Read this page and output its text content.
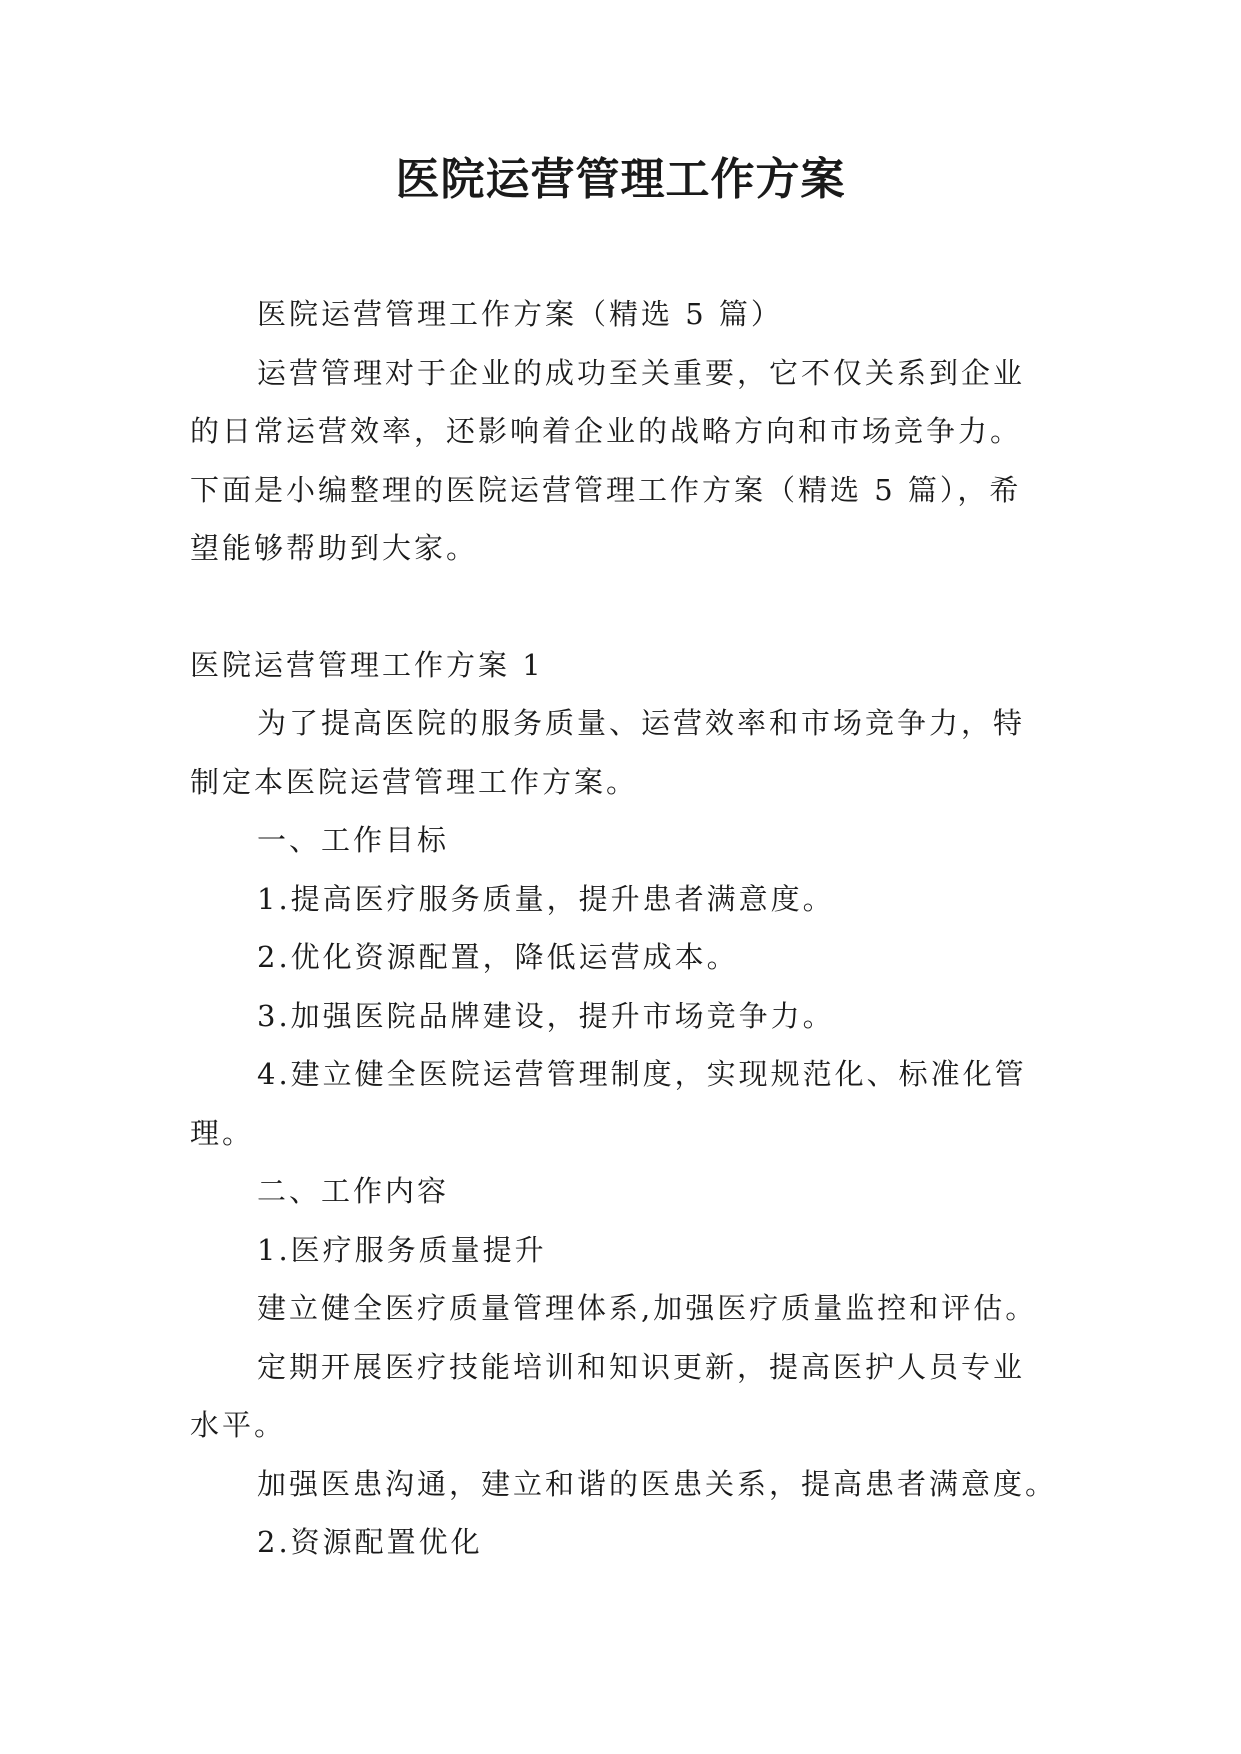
医院运营管理工作方案
医院运营管理工作方案（精选 5 篇）
运营管理对于企业的成功至关重要，它不仅关系到企业
的日常运营效率，还影响着企业的战略方向和市场竞争力。
下面是小编整理的医院运营管理工作方案（精选 5 篇），希
望能够帮助到大家。
医院运营管理工作方案 1
为了提高医院的服务质量、运营效率和市场竞争力，特
制定本医院运营管理工作方案。
一、工作目标
1.提高医疗服务质量，提升患者满意度。
2.优化资源配置，降低运营成本。
3.加强医院品牌建设，提升市场竞争力。
4.建立健全医院运营管理制度，实现规范化、标准化管
理。
二、工作内容
1.医疗服务质量提升
建立健全医疗质量管理体系,加强医疗质量监控和评估。
定期开展医疗技能培训和知识更新，提高医护人员专业
水平。
加强医患沟通，建立和谐的医患关系，提高患者满意度。
2.资源配置优化
